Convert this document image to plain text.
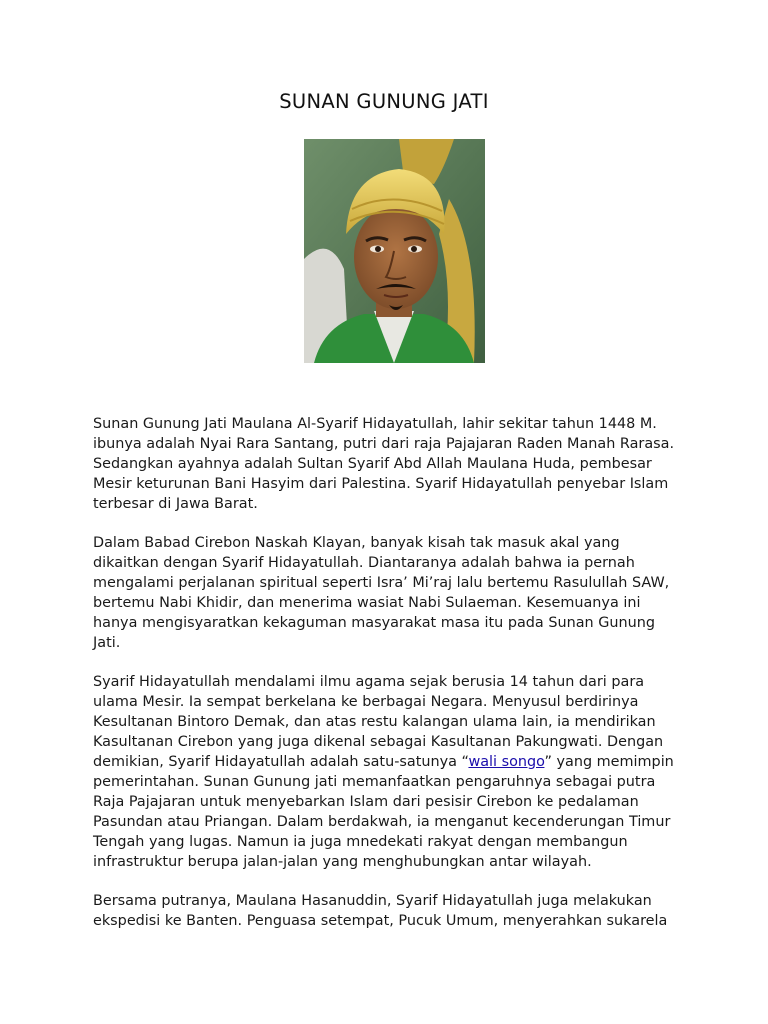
SUNAN GUNUNG JATI

Sunan Gunung Jati Maulana Al-Syarif Hidayatullah, lahir sekitar tahun 1448 M.
ibunya adalah Nyai Rara Santang, putri dari raja Pajajaran Raden Manah Rarasa.
Sedangkan ayahnya adalah Sultan Syarif Abd Allah Maulana Huda, pembesar
Mesir keturunan Bani Hasyim dari Palestina. Syarif Hidayatullah penyebar Islam
terbesar di Jawa Barat.

Dalam Babad Cirebon Naskah Klayan, banyak kisah tak masuk akal yang
dikaitkan dengan Syarif Hidayatullah. Diantaranya adalah bahwa ia pernah
mengalami perjalanan spiritual seperti Isra’ Mi’raj lalu bertemu Rasulullah SAW,
bertemu Nabi Khidir, dan menerima wasiat Nabi Sulaeman. Kesemuanya ini
hanya mengisyaratkan kekaguman masyarakat masa itu pada Sunan Gunung
Jati.

Syarif Hidayatullah mendalami ilmu agama sejak berusia 14 tahun dari para
ulama Mesir. Ia sempat berkelana ke berbagai Negara. Menyusul berdirinya
Kesultanan Bintoro Demak, dan atas restu kalangan ulama lain, ia mendirikan
Kasultanan Cirebon yang juga dikenal sebagai Kasultanan Pakungwati. Dengan
demikian, Syarif Hidayatullah adalah satu-satunya “wali songo” yang memimpin
pemerintahan. Sunan Gunung jati memanfaatkan pengaruhnya sebagai putra
Raja Pajajaran untuk menyebarkan Islam dari pesisir Cirebon ke pedalaman
Pasundan atau Priangan. Dalam berdakwah, ia menganut kecenderungan Timur
Tengah yang lugas. Namun ia juga mnedekati rakyat dengan membangun
infrastruktur berupa jalan-jalan yang menghubungkan antar wilayah.

Bersama putranya, Maulana Hasanuddin, Syarif Hidayatullah juga melakukan
ekspedisi ke Banten. Penguasa setempat, Pucuk Umum, menyerahkan sukarela
